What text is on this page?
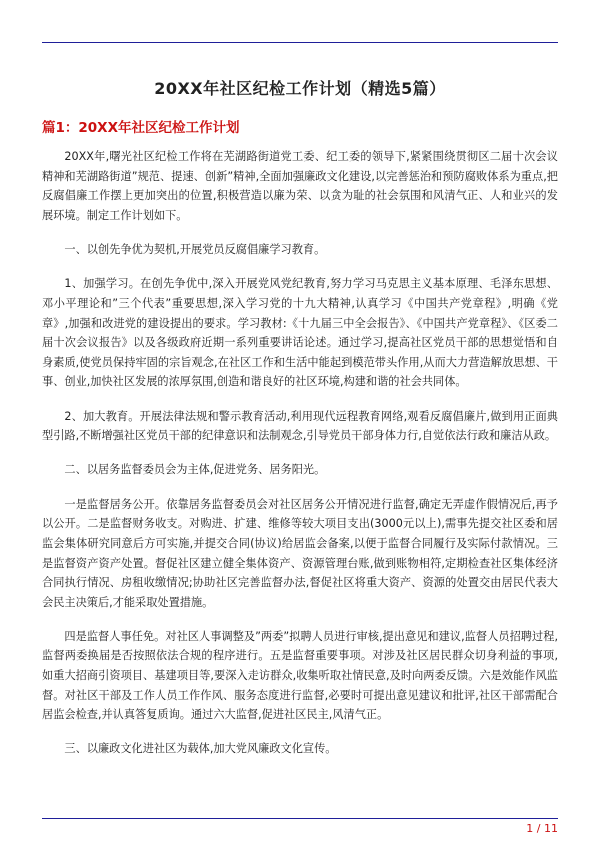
20XX年社区纪检工作计划（精选5篇）
篇1：20XX年社区纪检工作计划

20XX年,曙光社区纪检工作将在芜湖路街道党工委、纪工委的领导下,紧紧围绕贯彻区二届十次会议精神和芜湖路街道”规范、提速、创新”精神,全面加强廉政文化建设,以完善惩治和预防腐败体系为重点,把反腐倡廉工作摆上更加突出的位置,积极营造以廉为荣、以贪为耻的社会氛围和风清气正、人和业兴的发展环境。制定工作计划如下。

一、以创先争优为契机,开展党员反腐倡廉学习教育。

1、加强学习。在创先争优中,深入开展党风党纪教育,努力学习马克思主义基本原理、毛泽东思想、邓小平理论和”三个代表”重要思想,深入学习党的十九大精神,认真学习《中国共产党章程》,明确《党章》,加强和改进党的建设提出的要求。学习教材:《十九届三中全会报告》、《中国共产党章程》、《区委二届十次会议报告》以及各级政府近期一系列重要讲话论述。通过学习,提高社区党员干部的思想觉悟和自身素质,使党员保持牢固的宗旨观念,在社区工作和生活中能起到模范带头作用,从而大力营造解放思想、干事、创业,加快社区发展的浓厚氛围,创造和谐良好的社区环境,构建和谐的社会共同体。

2、加大教育。开展法律法规和警示教育活动,利用现代远程教育网络,观看反腐倡廉片,做到用正面典型引路,不断增强社区党员干部的纪律意识和法制观念,引导党员干部身体力行,自觉依法行政和廉洁从政。

二、以居务监督委员会为主体,促进党务、居务阳光。

一是监督居务公开。依靠居务监督委员会对社区居务公开情况进行监督,确定无弄虚作假情况后,再予以公开。二是监督财务收支。对购进、扩建、维修等较大项目支出(3000元以上),需事先提交社区委和居监会集体研究同意后方可实施,并提交合同(协议)给居监会备案,以便于监督合同履行及实际付款情况。三是监督资产资产处置。督促社区建立健全集体资产、资源管理台账,做到账物相符,定期检查社区集体经济合同执行情况、房租收缴情况;协助社区完善监督办法,督促社区将重大资产、资源的处置交由居民代表大会民主决策后,才能采取处置措施。

四是监督人事任免。对社区人事调整及”两委”拟聘人员进行审核,提出意见和建议,监督人员招聘过程,监督两委换届是否按照依法合规的程序进行。五是监督重要事项。对涉及社区居民群众切身利益的事项,如重大招商引资项目、基建项目等,要深入走访群众,收集听取社情民意,及时向两委反馈。六是效能作风监督。对社区干部及工作人员工作作风、服务态度进行监督,必要时可提出意见建议和批评,社区干部需配合居监会检查,并认真答复质询。通过六大监督,促进社区民主,风清气正。

三、以廉政文化进社区为载体,加大党风廉政文化宣传。

1 / 11
